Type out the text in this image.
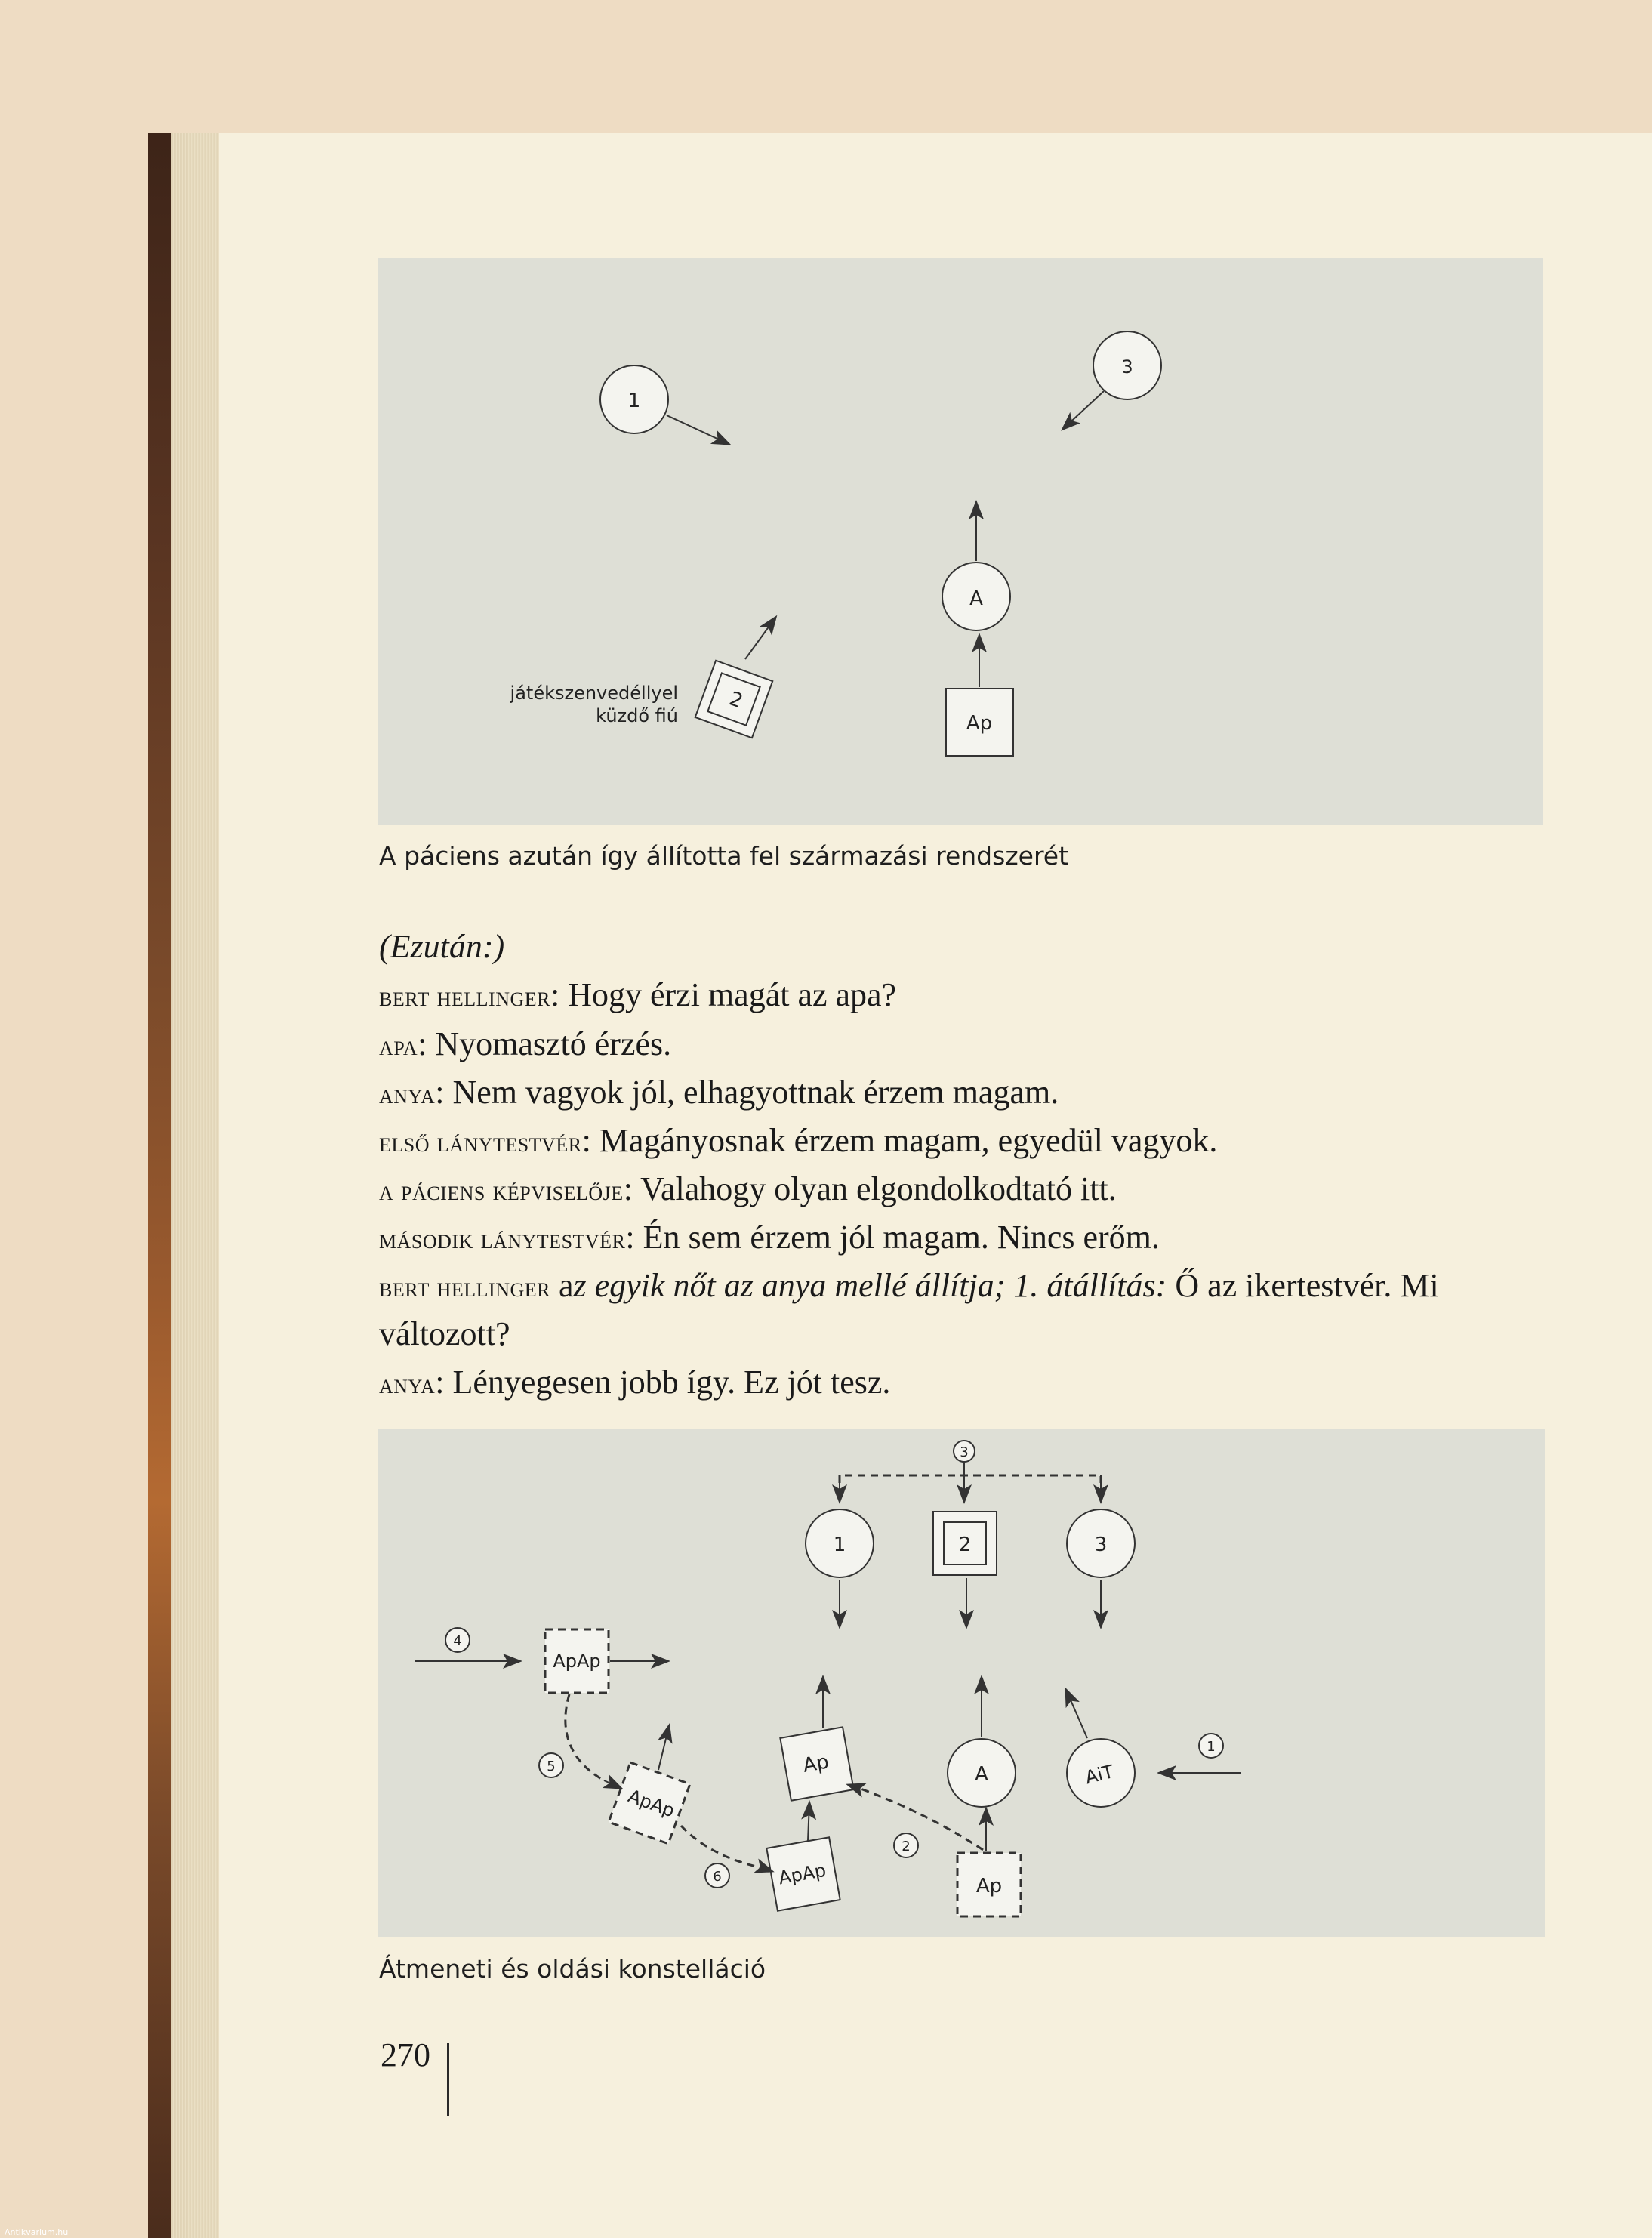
1
3
A
Ap
2
játékszenvedéllyel
küzdő fiú
A páciens azután így állította fel származási rendszerét
(Ezután:)
bert hellinger: Hogy érzi magát az apa?
apa: Nyomasztó érzés.
anya: Nem vagyok jól, elhagyottnak érzem magam.
első lánytestvér: Magányosnak érzem magam, egyedül vagyok.
a páciens képviselője: Valahogy olyan elgondolkodtató itt.
második lánytestvér: Én sem érzem jól magam. Nincs erőm.
bert hellinger az egyik nőt az anya mellé állítja; 1. átállítás: Ő az ikertestvér. Mi
változott?
anya: Lényegesen jobb így. Ez jót tesz.
3
1	2	3
4
ApAp
5
ApAp
Ap	A	AiT
1
2
6	ApAp	Ap
Átmeneti és oldási konstelláció
270
Antikvarium.hu
